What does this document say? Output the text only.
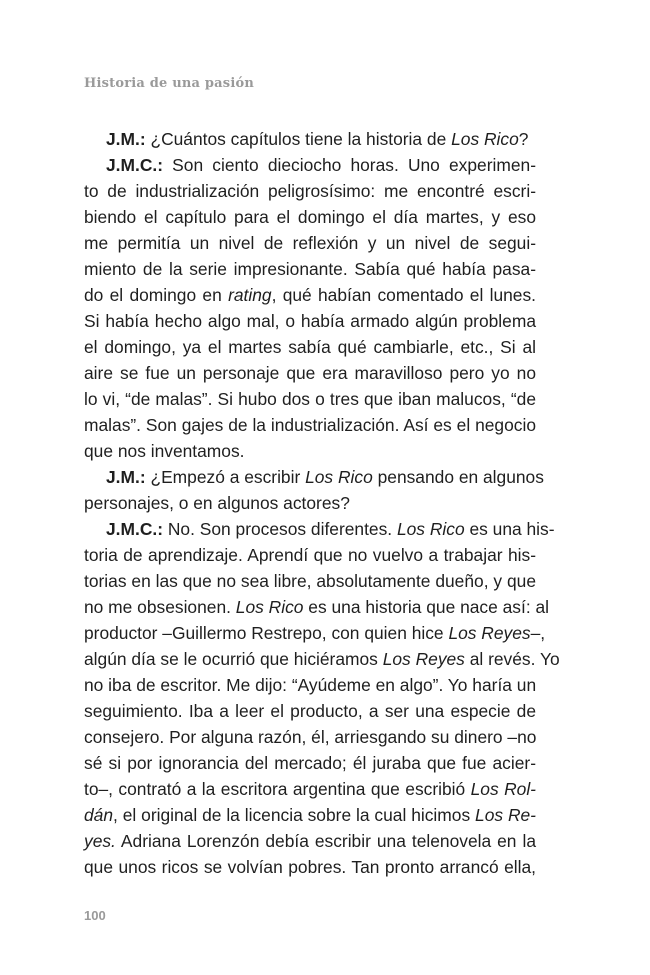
Historia de una pasión
J.M.: ¿Cuántos capítulos tiene la historia de Los Rico?
J.M.C.: Son ciento dieciocho horas. Uno experimen-
to de industrialización peligrosísimo: me encontré escri-
biendo el capítulo para el domingo el día martes, y eso
me permitía un nivel de reflexión y un nivel de segui-
miento de la serie impresionante. Sabía qué había pasa-
do el domingo en rating, qué habían comentado el lunes.
Si había hecho algo mal, o había armado algún problema
el domingo, ya el martes sabía qué cambiarle, etc., Si al
aire se fue un personaje que era maravilloso pero yo no
lo vi, “de malas”. Si hubo dos o tres que iban malucos, “de
malas”. Son gajes de la industrialización. Así es el negocio
que nos inventamos.
J.M.: ¿Empezó a escribir Los Rico pensando en algunos
personajes, o en algunos actores?
J.M.C.: No. Son procesos diferentes. Los Rico es una his-
toria de aprendizaje. Aprendí que no vuelvo a trabajar his-
torias en las que no sea libre, absolutamente dueño, y que
no me obsesionen. Los Rico es una historia que nace así: al
productor –Guillermo Restrepo, con quien hice Los Reyes–,
algún día se le ocurrió que hiciéramos Los Reyes al revés. Yo
no iba de escritor. Me dijo: “Ayúdeme en algo”. Yo haría un
seguimiento. Iba a leer el producto, a ser una especie de
consejero. Por alguna razón, él, arriesgando su dinero –no
sé si por ignorancia del mercado; él juraba que fue acier-
to–, contrató a la escritora argentina que escribió Los Rol-
dán, el original de la licencia sobre la cual hicimos Los Re-
yes. Adriana Lorenzón debía escribir una telenovela en la
que unos ricos se volvían pobres. Tan pronto arrancó ella,
100
